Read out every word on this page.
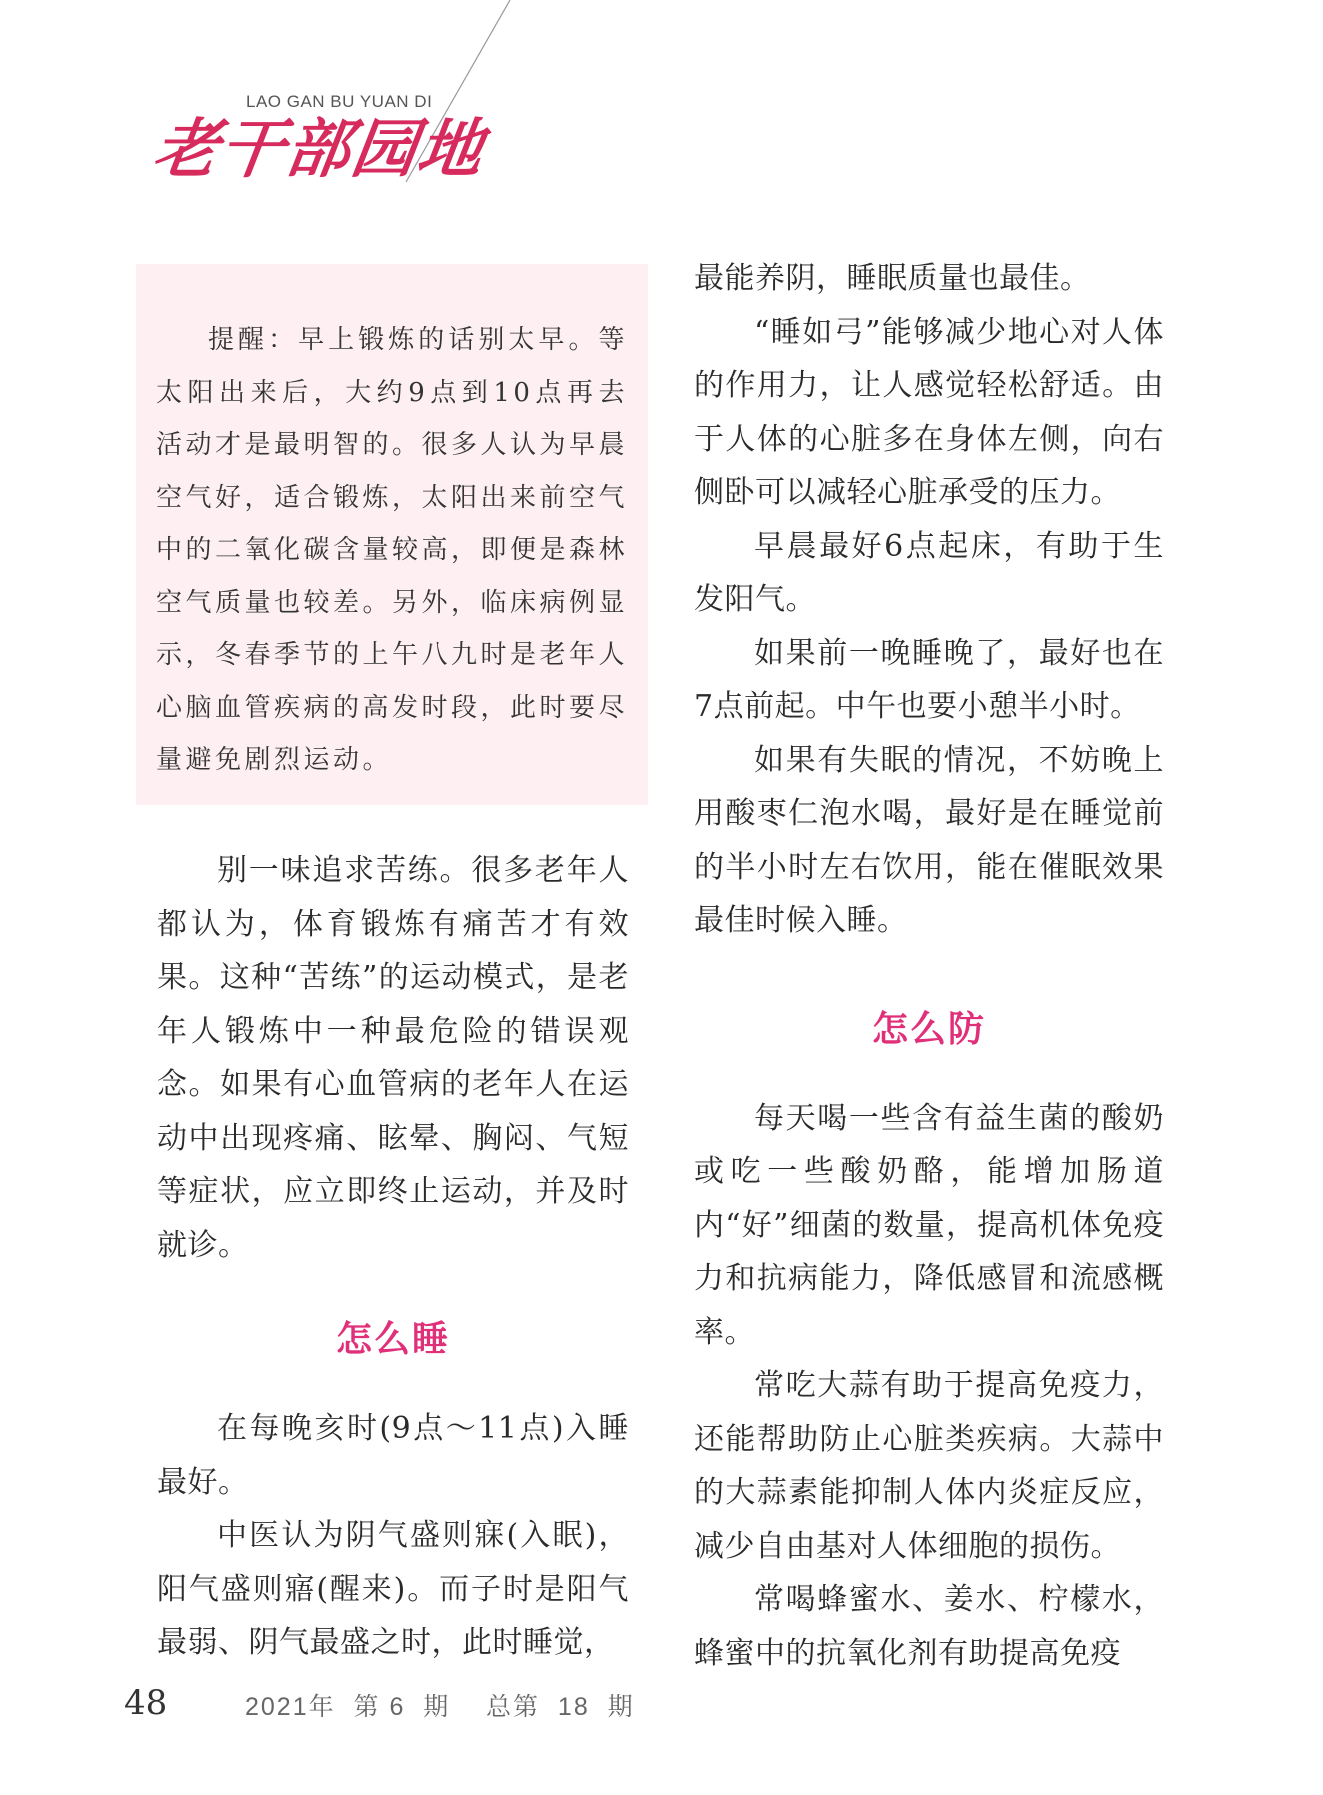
LAO GAN BU YUAN DI
老干部园地

提醒：早上锻炼的话别太早。等太阳出来后，大约9点到10点再去活动才是最明智的。很多人认为早晨空气好，适合锻炼，太阳出来前空气中的二氧化碳含量较高，即便是森林空气质量也较差。另外，临床病例显示，冬春季节的上午八九时是老年人心脑血管疾病的高发时段，此时要尽量避免剧烈运动。

别一味追求苦练。很多老年人都认为，体育锻炼有痛苦才有效果。这种“苦练”的运动模式，是老年人锻炼中一种最危险的错误观念。如果有心血管病的老年人在运动中出现疼痛、眩晕、胸闷、气短等症状，应立即终止运动，并及时就诊。

怎么睡

在每晚亥时(9点～11点)入睡最好。

中医认为阴气盛则寐(入眠)，阳气盛则寤(醒来)。而子时是阳气最弱、阴气最盛之时，此时睡觉，

最能养阴，睡眠质量也最佳。

“睡如弓”能够减少地心对人体的作用力，让人感觉轻松舒适。由于人体的心脏多在身体左侧，向右侧卧可以减轻心脏承受的压力。

早晨最好6点起床，有助于生发阳气。

如果前一晚睡晚了，最好也在7点前起。中午也要小憩半小时。

如果有失眠的情况，不妨晚上用酸枣仁泡水喝，最好是在睡觉前的半小时左右饮用，能在催眠效果最佳时候入睡。

怎么防

每天喝一些含有益生菌的酸奶或吃一些酸奶酪，能增加肠道内“好”细菌的数量，提高机体免疫力和抗病能力，降低感冒和流感概率。

常吃大蒜有助于提高免疫力，还能帮助防止心脏类疾病。大蒜中的大蒜素能抑制人体内炎症反应，减少自由基对人体细胞的损伤。

常喝蜂蜜水、姜水、柠檬水，蜂蜜中的抗氧化剂有助提高免疫

48	2021年  第 6  期    总第  18  期
